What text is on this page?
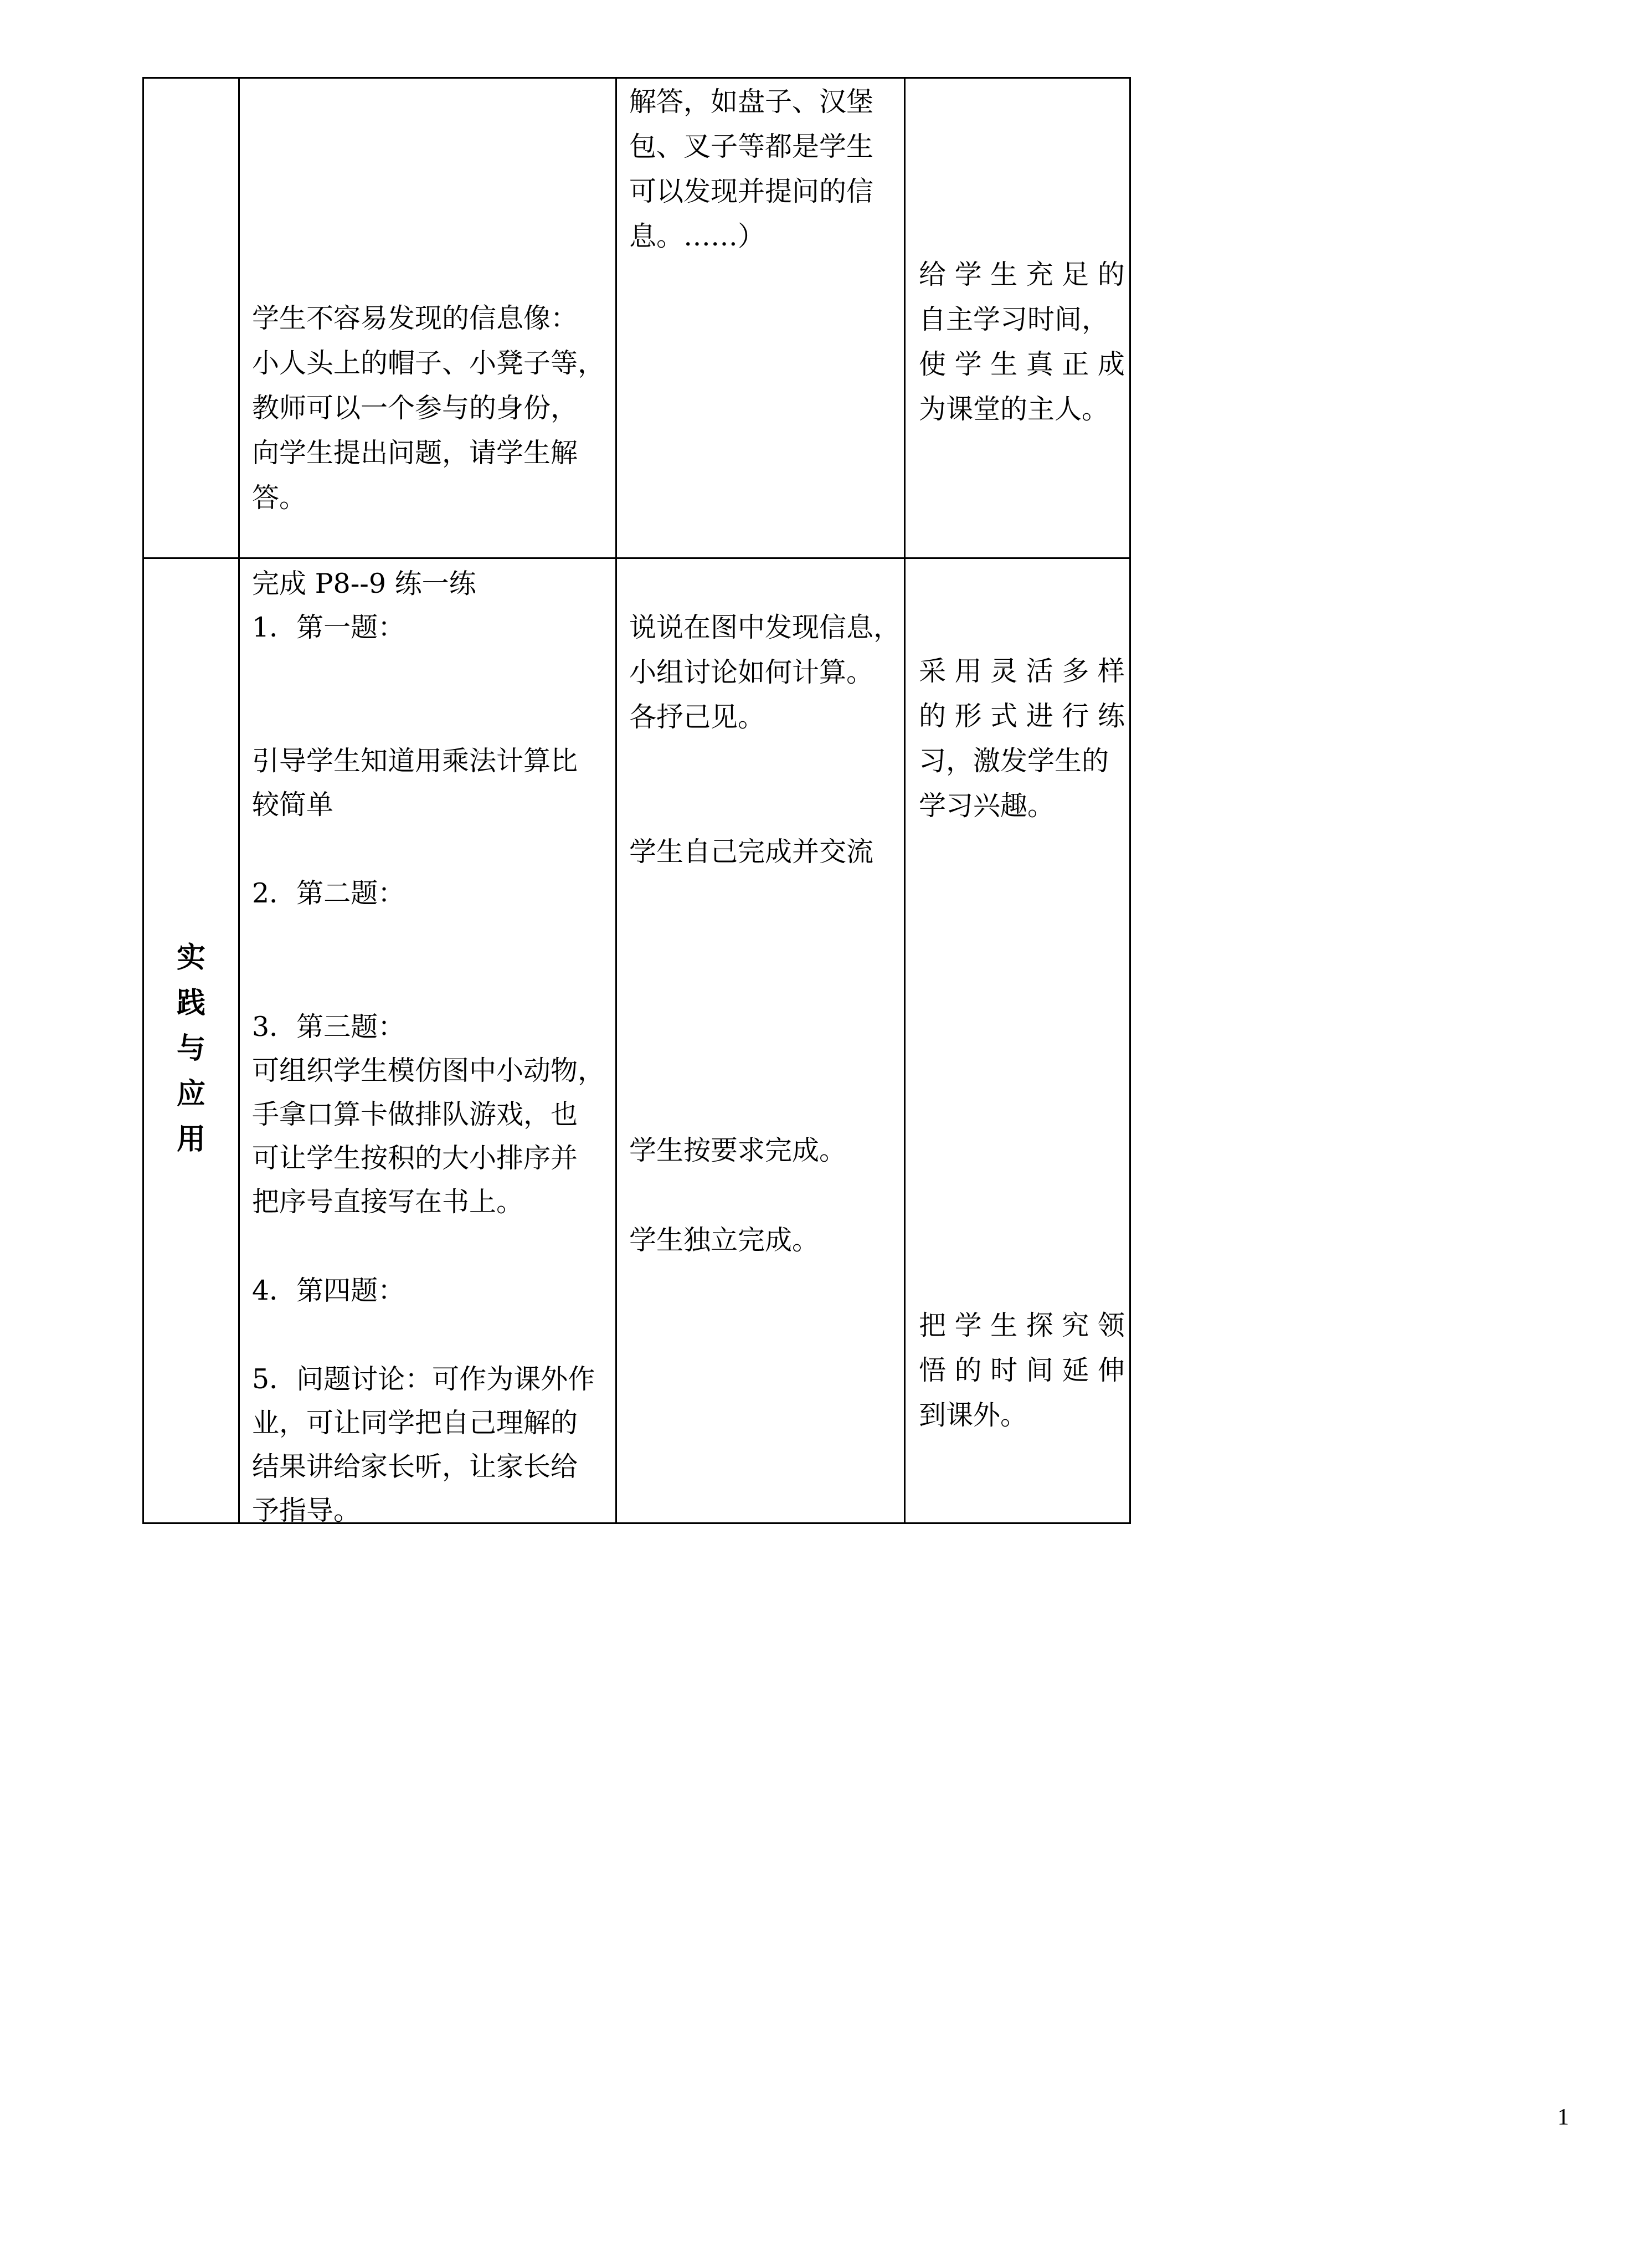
学生不容易发现的信息像：

小人头上的帽子、小凳子等，

教师可以一个参与的身份，

向学生提出问题，请学生解

答。

解答，如盘子、汉堡

包、叉子等都是学生

可以发现并提问的信

息。……）

给 学 生 充 足 的

自主学习时间，

使 学 生 真 正 成

为课堂的主人。

实
践
与
应
用

完成 P8--9 练一练

1．第一题：

引导学生知道用乘法计算比

较简单

2．第二题：

3．第三题：

可组织学生模仿图中小动物，

手拿口算卡做排队游戏，也

可让学生按积的大小排序并

把序号直接写在书上。

4．第四题：

5．问题讨论：可作为课外作

业，可让同学把自己理解的

结果讲给家长听，让家长给

予指导。

说说在图中发现信息，

小组讨论如何计算。

各抒己见。

学生自己完成并交流

学生按要求完成。

学生独立完成。

采 用 灵 活 多 样

的 形 式 进 行 练

习，激发学生的

学习兴趣。

把 学 生 探 究 领

悟 的 时 间 延 伸

到课外。

1
